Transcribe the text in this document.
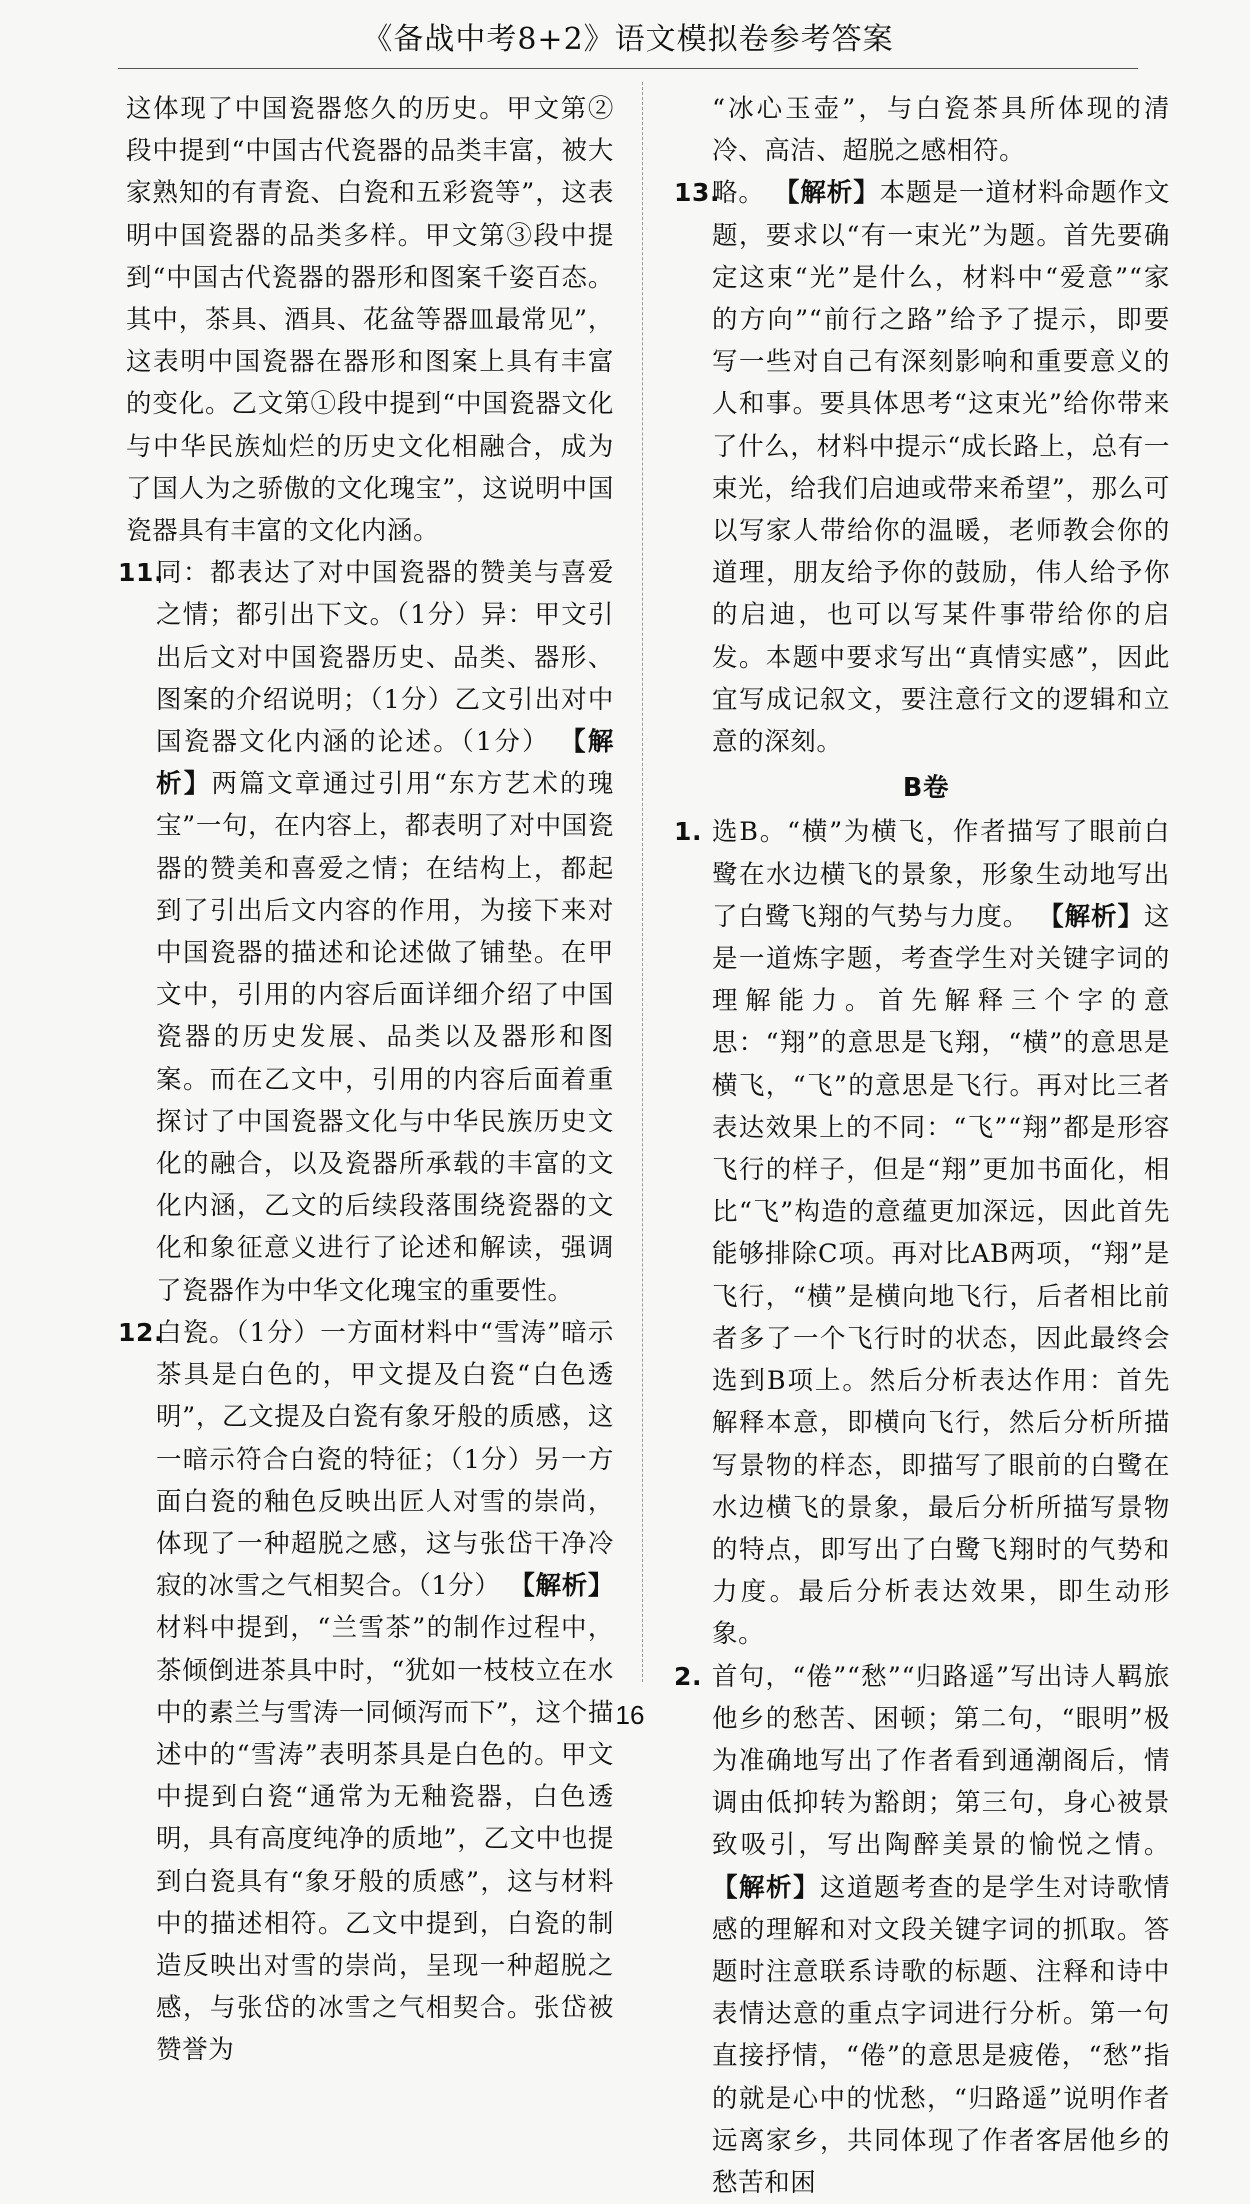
《备战中考8+2》语文模拟卷参考答案

这体现了中国瓷器悠久的历史。甲文第②段中提到“中国古代瓷器的品类丰富，被大家熟知的有青瓷、白瓷和五彩瓷等”，这表明中国瓷器的品类多样。甲文第③段中提到“中国古代瓷器的器形和图案千姿百态。其中，茶具、酒具、花盆等器皿最常见”，这表明中国瓷器在器形和图案上具有丰富的变化。乙文第①段中提到“中国瓷器文化与中华民族灿烂的历史文化相融合，成为了国人为之骄傲的文化瑰宝”，这说明中国瓷器具有丰富的文化内涵。

11.
同：都表达了对中国瓷器的赞美与喜爱之情；都引出下文。（1分）异：甲文引出后文对中国瓷器历史、品类、器形、图案的介绍说明；（1分）乙文引出对中国瓷器文化内涵的论述。（1分） 【解析】两篇文章通过引用“东方艺术的瑰宝”一句，在内容上，都表明了对中国瓷器的赞美和喜爱之情；在结构上，都起到了引出后文内容的作用，为接下来对中国瓷器的描述和论述做了铺垫。在甲文中，引用的内容后面详细介绍了中国瓷器的历史发展、品类以及器形和图案。而在乙文中，引用的内容后面着重探讨了中国瓷器文化与中华民族历史文化的融合，以及瓷器所承载的丰富的文化内涵，乙文的后续段落围绕瓷器的文化和象征意义进行了论述和解读，强调了瓷器作为中华文化瑰宝的重要性。
12.
白瓷。（1分）一方面材料中“雪涛”暗示茶具是白色的，甲文提及白瓷“白色透明”，乙文提及白瓷有象牙般的质感，这一暗示符合白瓷的特征；（1分）另一方面白瓷的釉色反映出匠人对雪的崇尚，体现了一种超脱之感，这与张岱干净冷寂的冰雪之气相契合。（1分） 【解析】材料中提到，“兰雪茶”的制作过程中，茶倾倒进茶具中时，“犹如一枝枝立在水中的素兰与雪涛一同倾泻而下”，这个描述中的“雪涛”表明茶具是白色的。甲文中提到白瓷“通常为无釉瓷器，白色透明，具有高度纯净的质地”，乙文中也提到白瓷具有“象牙般的质感”，这与材料中的描述相符。乙文中提到，白瓷的制造反映出对雪的崇尚，呈现一种超脱之感，与张岱的冰雪之气相契合。张岱被赞誉为
“冰心玉壶”，与白瓷茶具所体现的清冷、高洁、超脱之感相符。
13.
略。 【解析】本题是一道材料命题作文题，要求以“有一束光”为题。首先要确定这束“光”是什么，材料中“爱意”“家的方向”“前行之路”给予了提示，即要写一些对自己有深刻影响和重要意义的人和事。要具体思考“这束光”给你带来了什么，材料中提示“成长路上，总有一束光，给我们启迪或带来希望”，那么可以写家人带给你的温暖，老师教会你的道理，朋友给予你的鼓励，伟人给予你的启迪，也可以写某件事带给你的启发。本题中要求写出“真情实感”，因此宜写成记叙文，要注意行文的逻辑和立意的深刻。
B卷
1. 选B。“横”为横飞，作者描写了眼前白鹭在水边横飞的景象，形象生动地写出了白鹭飞翔的气势与力度。 【解析】这是一道炼字题，考查学生对关键字词的理解能力。首先解释三个字的意思：“翔”的意思是飞翔，“横”的意思是横飞，“飞”的意思是飞行。再对比三者表达效果上的不同：“飞”“翔”都是形容飞行的样子，但是“翔”更加书面化，相比“飞”构造的意蕴更加深远，因此首先能够排除C项。再对比AB两项，“翔”是飞行，“横”是横向地飞行，后者相比前者多了一个飞行时的状态，因此最终会选到B项上。然后分析表达作用：首先解释本意，即横向飞行，然后分析所描写景物的样态，即描写了眼前的白鹭在水边横飞的景象，最后分析所描写景物的特点，即写出了白鹭飞翔时的气势和力度。最后分析表达效果，即生动形象。
2. 首句，“倦”“愁”“归路遥”写出诗人羁旅他乡的愁苦、困顿；第二句，“眼明”极为准确地写出了作者看到通潮阁后，情调由低抑转为豁朗；第三句，身心被景致吸引，写出陶醉美景的愉悦之情。 【解析】这道题考查的是学生对诗歌情感的理解和对文段关键字词的抓取。答题时注意联系诗歌的标题、注释和诗中表情达意的重点字词进行分析。第一句直接抒情，“倦”的意思是疲倦，“愁”指的就是心中的忧愁，“归路遥”说明作者远离家乡，共同体现了作者客居他乡的愁苦和困
16
